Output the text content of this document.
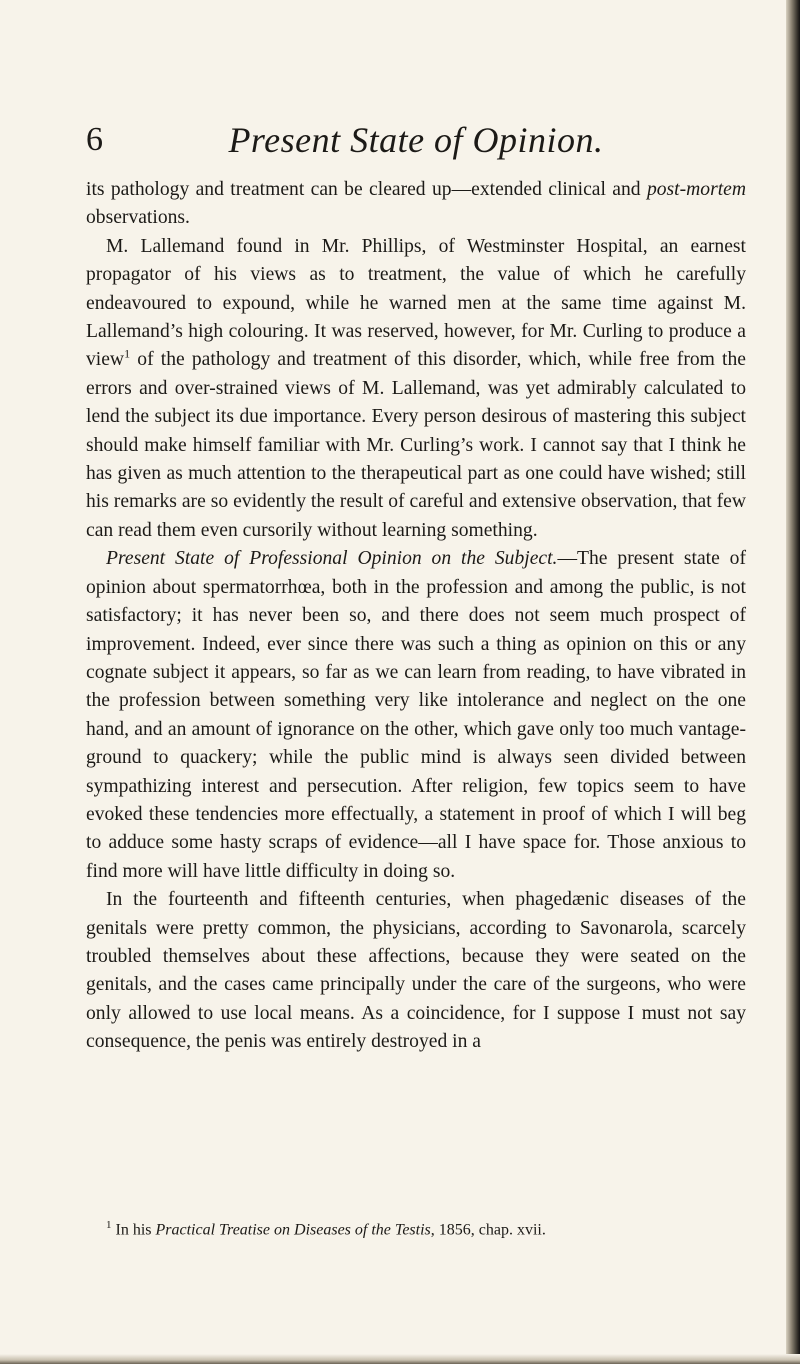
6	Present State of Opinion.

its pathology and treatment can be cleared up—extended clinical and post-mortem observations.

M. Lallemand found in Mr. Phillips, of Westminster Hospital, an earnest propagator of his views as to treatment, the value of which he carefully endeavoured to expound, while he warned men at the same time against M. Lallemand’s high colouring. It was reserved, however, for Mr. Curling to produce a view$^1$ of the pathology and treatment of this disorder, which, while free from the errors and over-strained views of M. Lallemand, was yet admirably calculated to lend the subject its due importance. Every person desirous of mastering this subject should make himself familiar with Mr. Curling’s work. I cannot say that I think he has given as much attention to the therapeutical part as one could have wished; still his remarks are so evidently the result of careful and extensive observation, that few can read them even cursorily without learning something.

Present State of Professional Opinion on the Subject.—The present state of opinion about spermatorrhœa, both in the profession and among the public, is not satisfactory; it has never been so, and there does not seem much prospect of improvement. Indeed, ever since there was such a thing as opinion on this or any cognate subject it appears, so far as we can learn from reading, to have vibrated in the profession between something very like intolerance and neglect on the one hand, and an amount of ignorance on the other, which gave only too much vantage-ground to quackery; while the public mind is always seen divided between sympathizing interest and persecution. After religion, few topics seem to have evoked these tendencies more effectually, a statement in proof of which I will beg to adduce some hasty scraps of evidence—all I have space for. Those anxious to find more will have little difficulty in doing so.

In the fourteenth and fifteenth centuries, when phagedænic diseases of the genitals were pretty common, the physicians, according to Savonarola, scarcely troubled themselves about these affections, because they were seated on the genitals, and the cases came principally under the care of the surgeons, who were only allowed to use local means. As a coincidence, for I suppose I must not say consequence, the penis was entirely destroyed in a

$^1$ In his Practical Treatise on Diseases of the Testis, 1856, chap. xvii.
